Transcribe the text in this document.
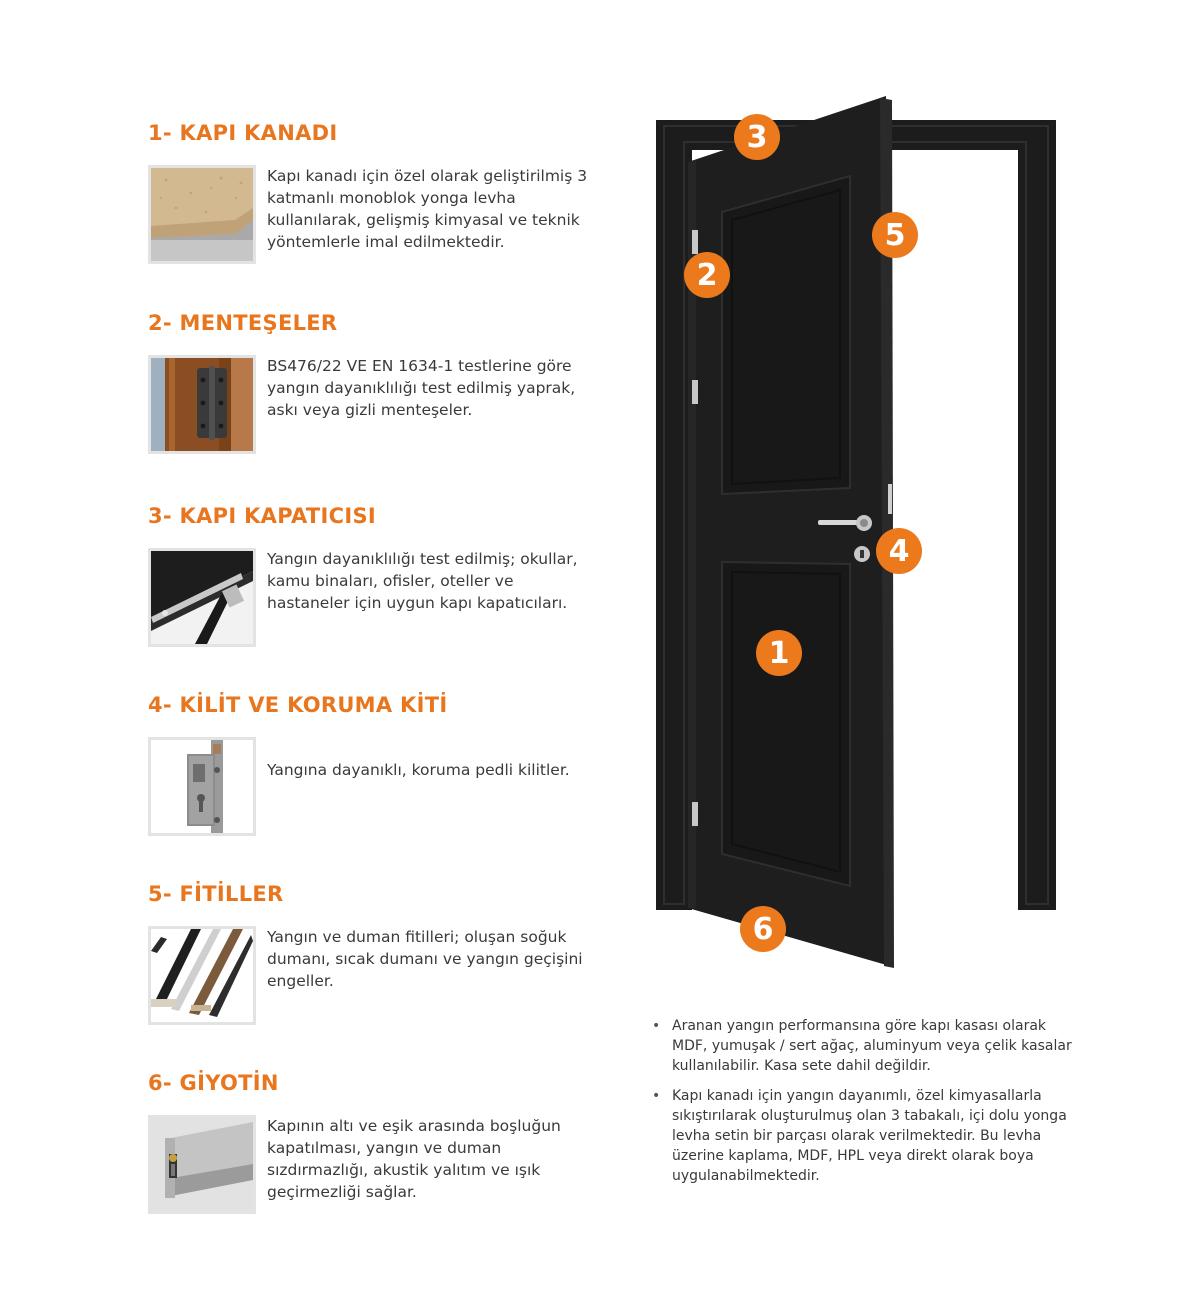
1- KAPI KANADI
Kapı kanadı için özel olarak geliştirilmiş 3 katmanlı monoblok yonga levha kullanılarak, gelişmiş kimyasal ve teknik yöntemlerle imal edilmektedir.
2- MENTEŞELER
BS476/22 VE EN 1634-1 testlerine göre yangın dayanıklılığı test edilmiş yaprak, askı veya gizli menteşeler.
3- KAPI KAPATICISI
Yangın dayanıklılığı test edilmiş; okullar, kamu binaları, ofisler, oteller ve hastaneler için uygun kapı kapatıcıları.
4- KİLİT VE KORUMA KİTİ
Yangına dayanıklı, koruma pedli kilitler.
5- FİTİLLER
Yangın ve duman fitilleri; oluşan soğuk dumanı, sıcak dumanı ve yangın geçişini engeller.
6- GİYOTİN
Kapının altı ve eşik arasında boşluğun kapatılması, yangın ve duman sızdırmazlığı, akustik yalıtım ve ışık geçirmezliği sağlar.
3
2
5
4
1
6
• Aranan yangın performansına göre kapı kasası olarak MDF, yumuşak / sert ağaç, aluminyum veya çelik kasalar kullanılabilir. Kasa sete dahil değildir.
• Kapı kanadı için yangın dayanımlı, özel kimyasallarla sıkıştırılarak oluşturulmuş olan 3 tabakalı, içi dolu yonga levha setin bir parçası olarak verilmektedir. Bu levha üzerine kaplama, MDF, HPL veya direkt olarak boya uygulanabilmektedir.
